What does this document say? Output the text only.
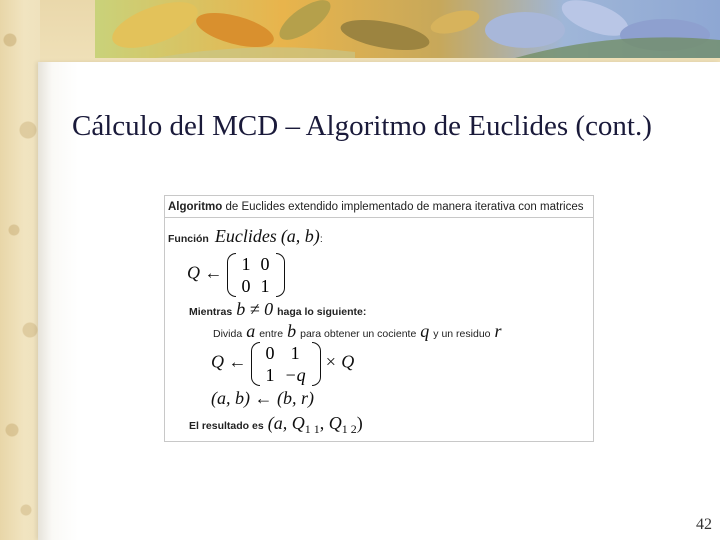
Cálculo del MCD – Algoritmo de Euclides (cont.)
Algoritmo de Euclides extendido implementado de manera iterativa con matrices
Función Euclides (a, b):
Q ← 1	0
0	1
Mientras b ≠ 0 haga lo siguiente:
Divida a entre b para obtener un cociente q y un residuo r
Q ← 0	1
1	−q
× Q
(a, b) ← (b, r)
El resultado es (a, $Q_{1 1}$, $Q_{1 2}$)
42
